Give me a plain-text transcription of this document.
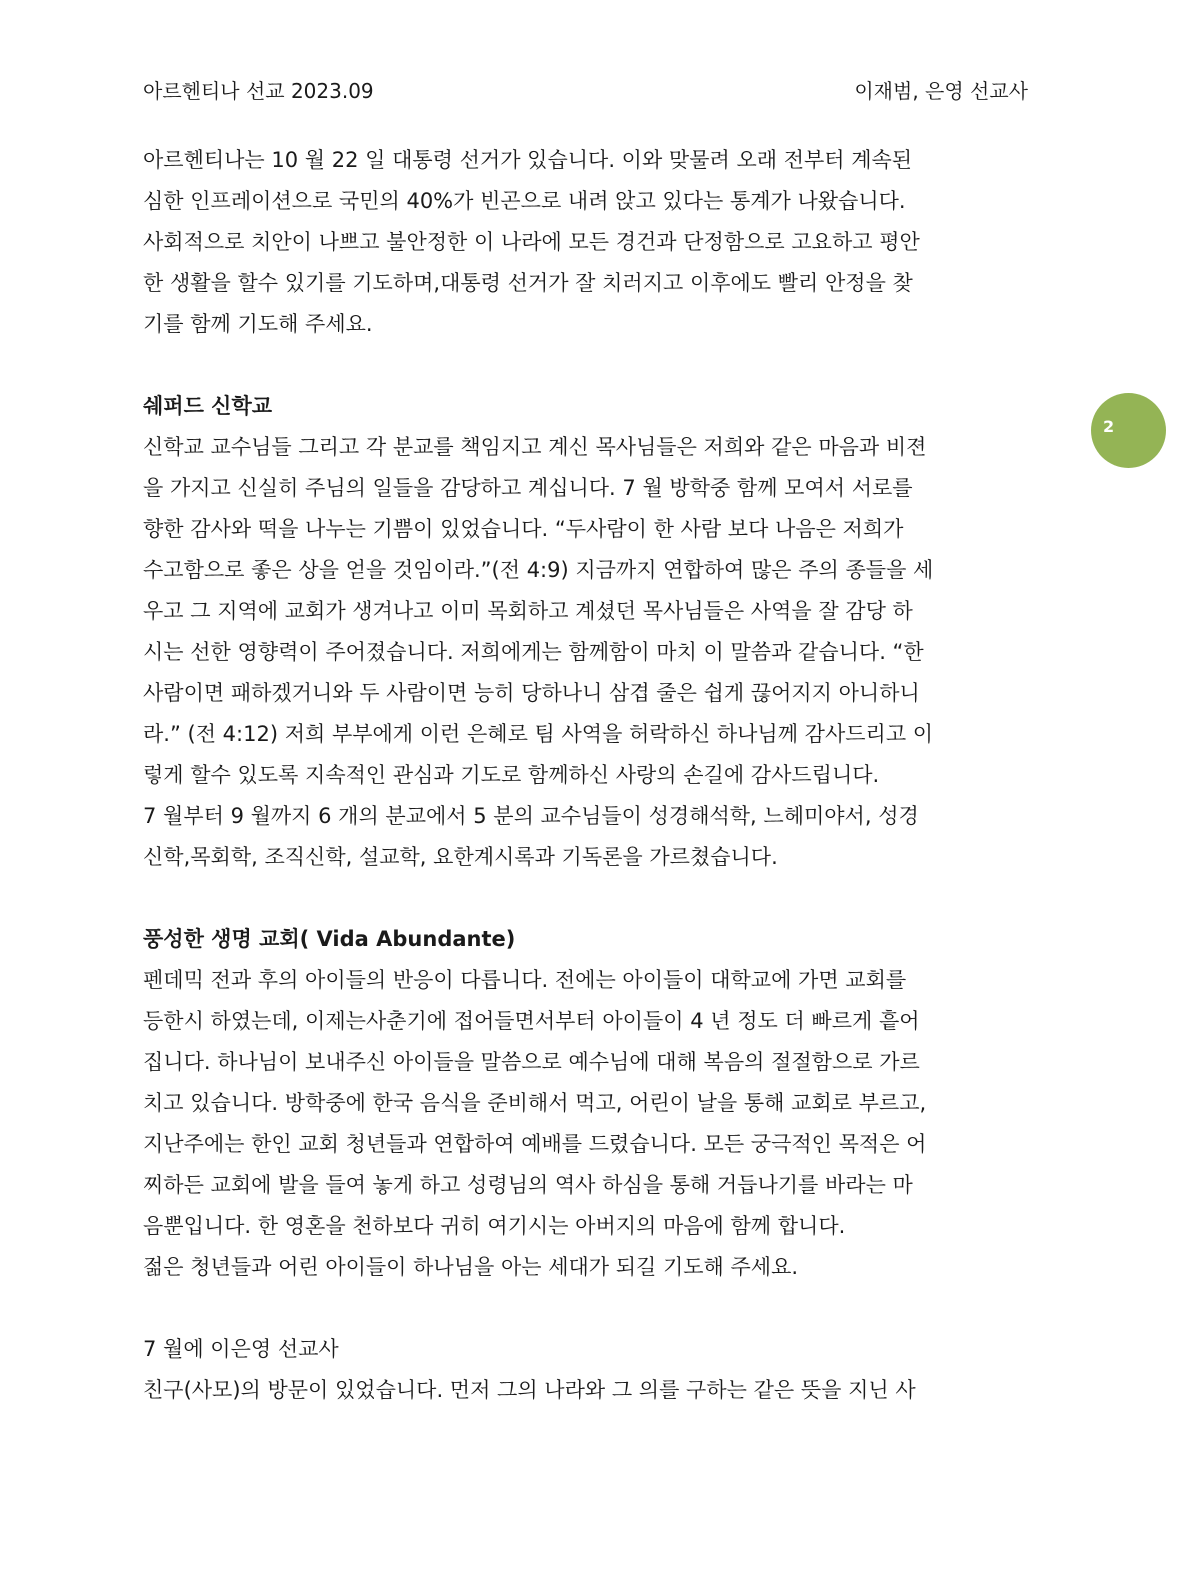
아르헨티나 선교 2023.09	이재범, 은영 선교사
2

아르헨티나는 10 월 22 일 대통령 선거가 있습니다. 이와 맞물려 오래 전부터 계속된

심한 인프레이션으로 국민의 40%가 빈곤으로 내려 앉고 있다는 통계가 나왔습니다.

사회적으로 치안이 나쁘고 불안정한 이 나라에 모든 경건과 단정함으로 고요하고 평안

한 생활을 할수 있기를 기도하며,대통령 선거가 잘 치러지고 이후에도 빨리 안정을 찾

기를 함께 기도해 주세요.

쉐퍼드 신학교

신학교 교수님들 그리고 각 분교를 책임지고 계신 목사님들은 저희와 같은 마음과 비젼

을 가지고 신실히 주님의 일들을 감당하고 계십니다. 7 월 방학중 함께 모여서 서로를

향한 감사와 떡을 나누는 기쁨이 있었습니다. “두사람이 한 사람 보다 나음은 저희가

수고함으로 좋은 상을 얻을 것임이라.”(전 4:9) 지금까지 연합하여 많은 주의 종들을 세

우고 그 지역에 교회가 생겨나고 이미 목회하고 계셨던 목사님들은 사역을 잘 감당 하

시는 선한 영향력이 주어졌습니다. 저희에게는 함께함이 마치 이 말씀과 같습니다. “한

사람이면 패하겠거니와 두 사람이면 능히 당하나니 삼겹 줄은 쉽게 끊어지지 아니하니

라.” (전 4:12) 저희 부부에게 이런 은혜로 팀 사역을 허락하신 하나님께 감사드리고 이

렇게 할수 있도록 지속적인 관심과 기도로 함께하신 사랑의 손길에 감사드립니다.

7 월부터 9 월까지 6 개의 분교에서 5 분의 교수님들이 성경해석학, 느헤미야서, 성경

신학,목회학, 조직신학, 설교학, 요한계시록과 기독론을 가르쳤습니다.

풍성한 생명 교회( Vida Abundante)

펜데믹 전과 후의 아이들의 반응이 다릅니다. 전에는 아이들이 대학교에 가면 교회를

등한시 하였는데, 이제는사춘기에 접어들면서부터 아이들이 4 년 정도 더 빠르게 흩어

집니다. 하나님이 보내주신 아이들을 말씀으로 예수님에 대해 복음의 절절함으로 가르

치고 있습니다. 방학중에 한국 음식을 준비해서 먹고, 어린이 날을 통해 교회로 부르고,

지난주에는 한인 교회 청년들과 연합하여 예배를 드렸습니다. 모든 궁극적인 목적은 어

찌하든 교회에 발을 들여 놓게 하고 성령님의 역사 하심을 통해 거듭나기를 바라는 마

음뿐입니다. 한 영혼을 천하보다 귀히 여기시는 아버지의 마음에 함께 합니다.

젊은 청년들과 어린 아이들이 하나님을 아는 세대가 되길 기도해 주세요.

7 월에 이은영 선교사

친구(사모)의 방문이 있었습니다. 먼저 그의 나라와 그 의를 구하는 같은 뜻을 지닌 사
